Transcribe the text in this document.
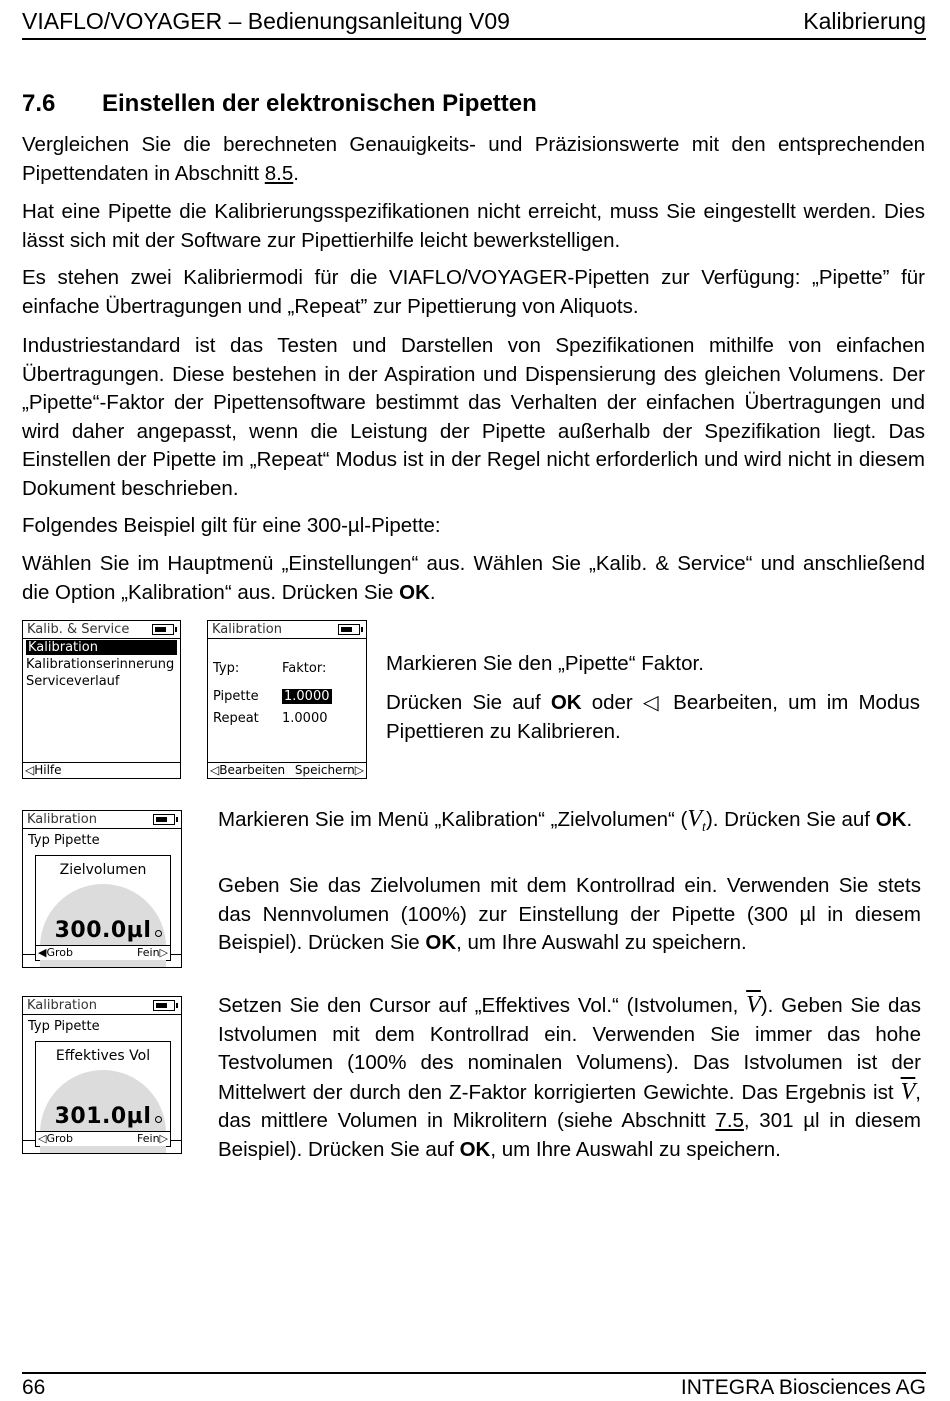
VIAFLO/VOYAGER – Bedienungsanleitung V09	Kalibrierung
7.6 Einstellen der elektronischen Pipetten

Vergleichen Sie die berechneten Genauigkeits- und Präzisionswerte mit den entsprechenden Pipettendaten in Abschnitt 8.5.

Hat eine Pipette die Kalibrierungsspezifikationen nicht erreicht, muss Sie eingestellt werden. Dies lässt sich mit der Software zur Pipettierhilfe leicht bewerkstelligen.

Es stehen zwei Kalibriermodi für die VIAFLO/VOYAGER-Pipetten zur Verfügung: „Pipette” für einfache Übertragungen und „Repeat” zur Pipettierung von Aliquots.

Industriestandard ist das Testen und Darstellen von Spezifikationen mithilfe von einfachen Übertragungen. Diese bestehen in der Aspiration und Dispensierung des gleichen Volumens. Der „Pipette“-Faktor der Pipettensoftware bestimmt das Verhalten der einfachen Übertragungen und wird daher angepasst, wenn die Leistung der Pipette außerhalb der Spezifikation liegt. Das Einstellen der Pipette im „Repeat“ Modus ist in der Regel nicht erforderlich und wird nicht in diesem Dokument beschrieben.

Folgendes Beispiel gilt für eine 300-µl-Pipette:

Wählen Sie im Hauptmenü „Einstellungen“ aus. Wählen Sie „Kalib. & Service“ und anschließend die Option „Kalibration“ aus. Drücken Sie OK.

Kalib. & Service
Kalibration
Kalibrationserinnerung
Serviceverlauf
◁Hilfe
Kalibration
Typ:	Faktor:
Pipette 1.0000
Repeat 1.0000
◁Bearbeiten Speichern▷

Markieren Sie den „Pipette“ Faktor.

Drücken Sie auf OK oder ◁ Bearbeiten, um im Modus Pipettieren zu Kalibrieren.

Kalibration
Typ Pipette
Zielvolumen
300.0µl
◀Grob	Fein▷

Markieren Sie im Menü „Kalibration“ „Zielvolumen“ $(V_t)$. Drücken Sie auf OK.

Geben Sie das Zielvolumen mit dem Kontrollrad ein. Verwenden Sie stets das Nennvolumen (100%) zur Einstellung der Pipette (300 µl in diesem Beispiel). Drücken Sie OK, um Ihre Auswahl zu speichern.

Kalibration
Typ Pipette
Effektives Vol
301.0µl
◁Grob	Fein▷

Setzen Sie den Cursor auf „Effektives Vol.“ (Istvolumen, $\overline{V}$). Geben Sie das Istvolumen mit dem Kontrollrad ein. Verwenden Sie immer das hohe Testvolumen (100% des nominalen Volumens). Das Istvolumen ist der Mittelwert der durch den Z-Faktor korrigierten Gewichte. Das Ergebnis ist $\overline{V}$, das mittlere Volumen in Mikrolitern (siehe Abschnitt 7.5, 301 µl in diesem Beispiel). Drücken Sie auf OK, um Ihre Auswahl zu speichern.

66	INTEGRA Biosciences AG
